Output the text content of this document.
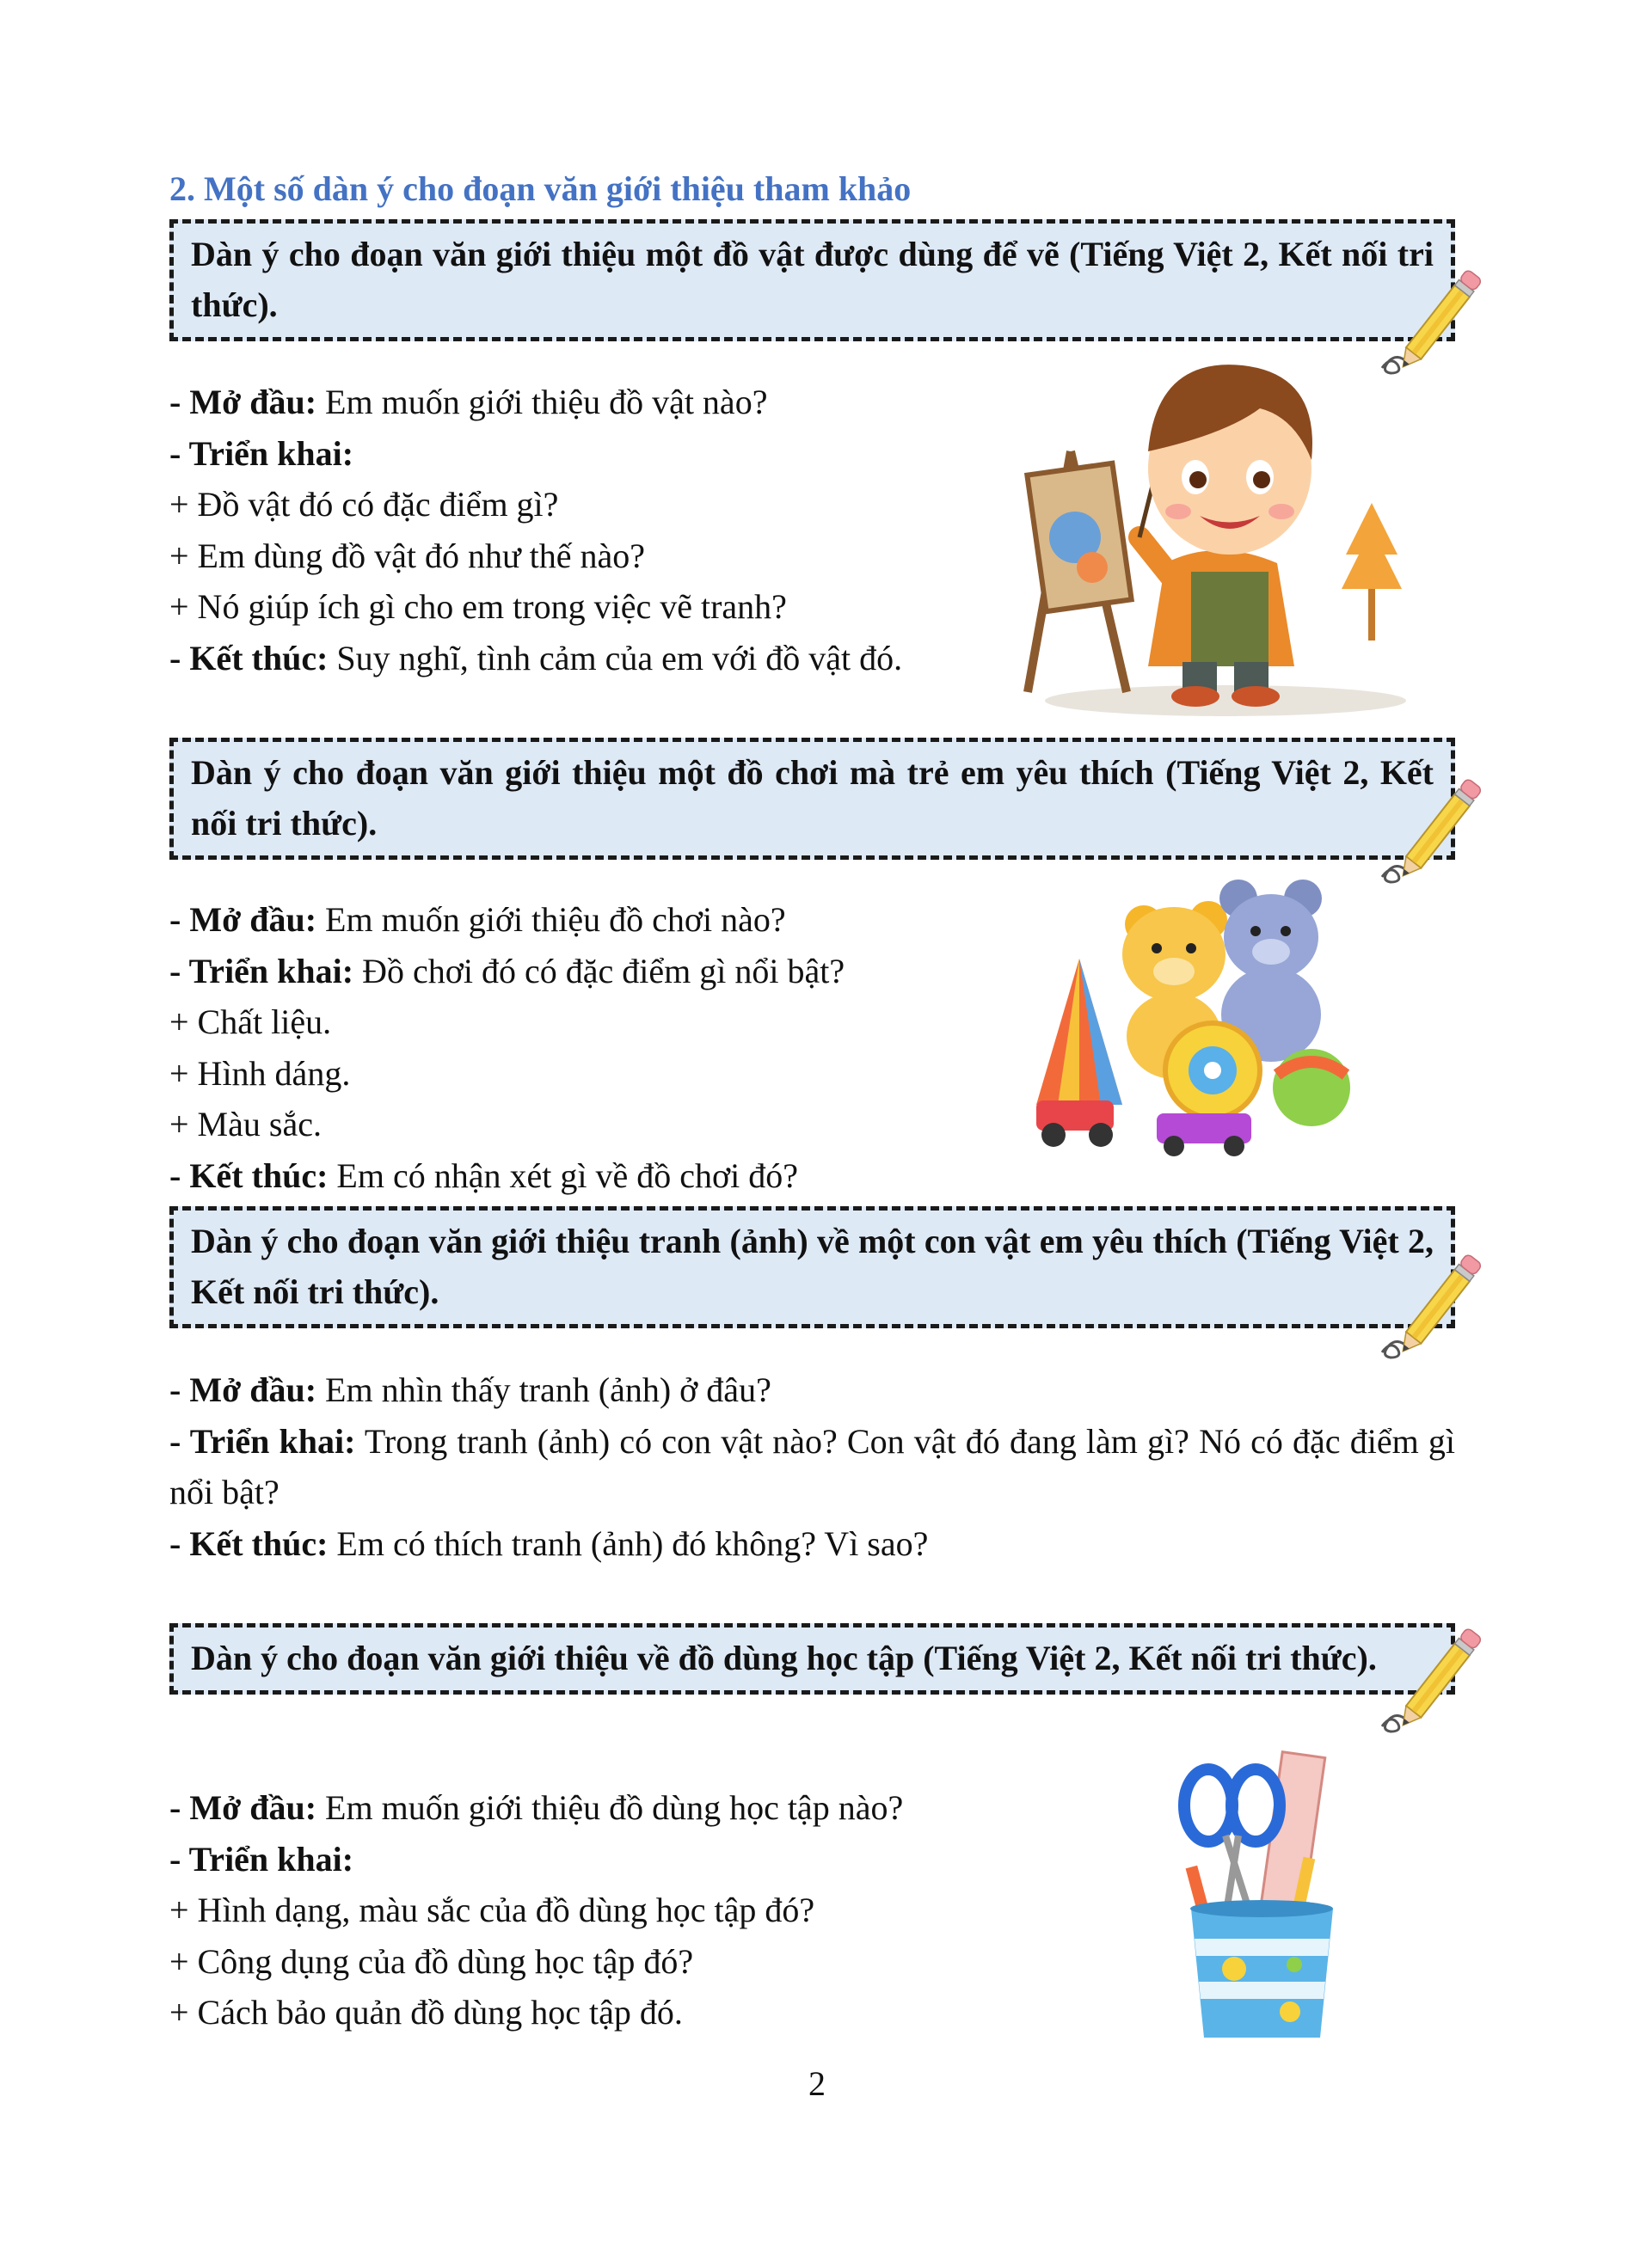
2. Một số dàn ý cho đoạn văn giới thiệu tham khảo
Dàn ý cho đoạn văn giới thiệu một đồ vật được dùng để vẽ (Tiếng Việt 2, Kết nối tri thức).
- Mở đầu: Em muốn giới thiệu đồ vật nào?
- Triển khai:
+ Đồ vật đó có đặc điểm gì?
+ Em dùng đồ vật đó như thế nào?
+ Nó giúp ích gì cho em trong việc vẽ tranh?
- Kết thúc: Suy nghĩ, tình cảm của em với đồ vật đó.
Dàn ý cho đoạn văn giới thiệu một đồ chơi mà trẻ em yêu thích (Tiếng Việt 2, Kết nối tri thức).
- Mở đầu: Em muốn giới thiệu đồ chơi nào?
- Triển khai: Đồ chơi đó có đặc điểm gì nổi bật?
+ Chất liệu.
+ Hình dáng.
+ Màu sắc.
- Kết thúc: Em có nhận xét gì về đồ chơi đó?
Dàn ý cho đoạn văn giới thiệu tranh (ảnh) về một con vật em yêu thích (Tiếng Việt 2, Kết nối tri thức).
- Mở đầu: Em nhìn thấy tranh (ảnh) ở đâu?
- Triển khai: Trong tranh (ảnh) có con vật nào? Con vật đó đang làm gì? Nó có đặc điểm gì nổi bật?
- Kết thúc: Em có thích tranh (ảnh) đó không? Vì sao?
Dàn ý cho đoạn văn giới thiệu về đồ dùng học tập (Tiếng Việt 2, Kết nối tri thức).
- Mở đầu: Em muốn giới thiệu đồ dùng học tập nào?
- Triển khai:
+ Hình dạng, màu sắc của đồ dùng học tập đó?
+ Công dụng của đồ dùng học tập đó?
+ Cách bảo quản đồ dùng học tập đó.
2
